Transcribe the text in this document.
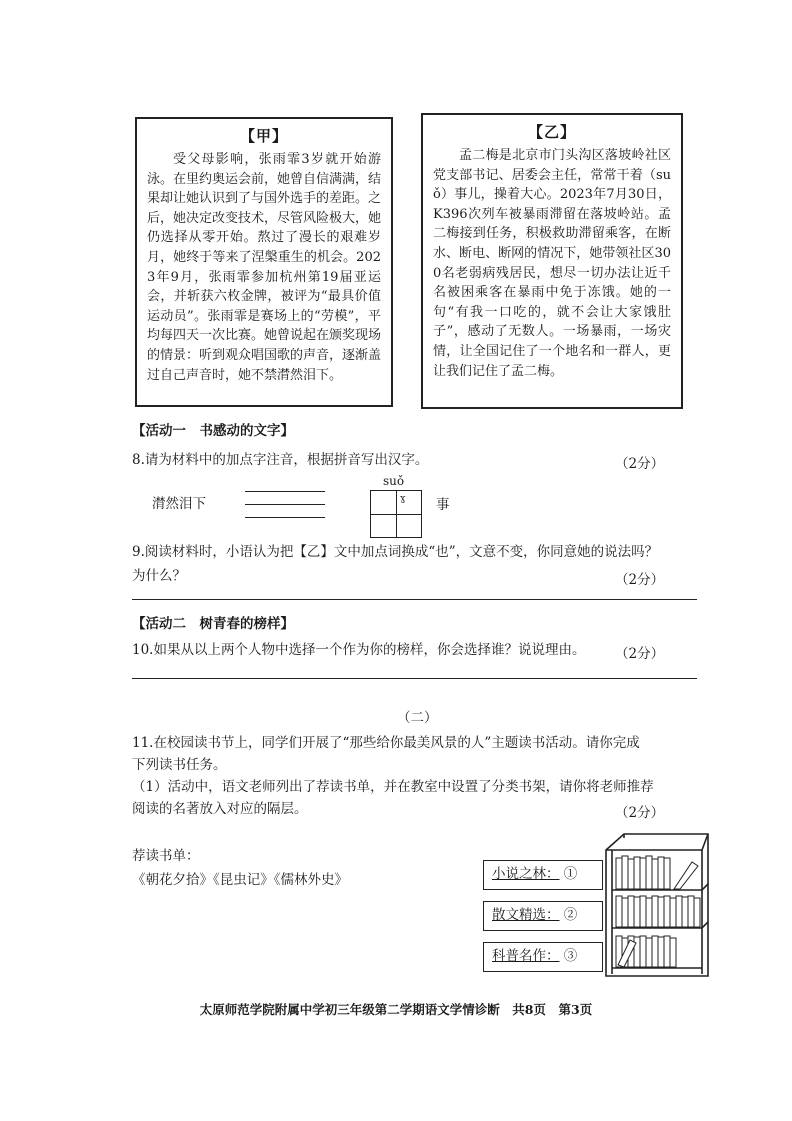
【甲】

受父母影响，张雨霏3岁就开始游泳。在里约奥运会前，她曾自信满满，结果却让她认识到了与国外选手的差距。之后，她决定改变技术，尽管风险极大，她仍选择从零开始。熬过了漫长的艰难岁月，她终于等来了涅槃重生的机会。2023年9月，张雨霏参加杭州第19届亚运会，并斩获六枚金牌，被评为“最具价值运动员”。张雨霏是赛场上的“劳模”，平均每四天一次比赛。她曾说起在颁奖现场的情景：听到观众唱国歌的声音，逐渐盖过自己声音时，她不禁潸然泪下。

【乙】

孟二梅是北京市门头沟区落坡岭社区党支部书记、居委会主任，常常干着（suǒ）事儿，操着大心。2023年7月30日，K396次列车被暴雨滞留在落坡岭站。孟二梅接到任务，积极救助滞留乘客，在断水、断电、断网的情况下，她带领社区300名老弱病残居民，想尽一切办法让近千名被困乘客在暴雨中免于冻饿。她的一句“有我一口吃的，就不会让大家饿肚子”，感动了无数人。一场暴雨，一场灾情，让全国记住了一个地名和一群人，更让我们记住了孟二梅。

【活动一　书感动的文字】
8.请为材料中的加点字注音，根据拼音写出汉字。	（2分）
潸然泪下
suǒ
ɣ 事
9.阅读材料时，小语认为把【乙】文中加点词换成“也”，文意不变，你同意她的说法吗？
为什么？	（2分）
【活动二　树青春的榜样】
10.如果从以上两个人物中选择一个作为你的榜样，你会选择谁？说说理由。 （2分）
（二）
11.在校园读书节上，同学们开展了“那些给你最美风景的人”主题读书活动。请你完成
下列读书任务。
（1）活动中，语文老师列出了荐读书单，并在教室中设置了分类书架，请你将老师推荐
阅读的名著放入对应的隔层。	（2分）
荐读书单：
《朝花夕拾》《昆虫记》《儒林外史》	小说之林： ①
散文精选： ②
科普名作： ③
太原师范学院附属中学初三年级第二学期语文学情诊断　共8页　第3页
